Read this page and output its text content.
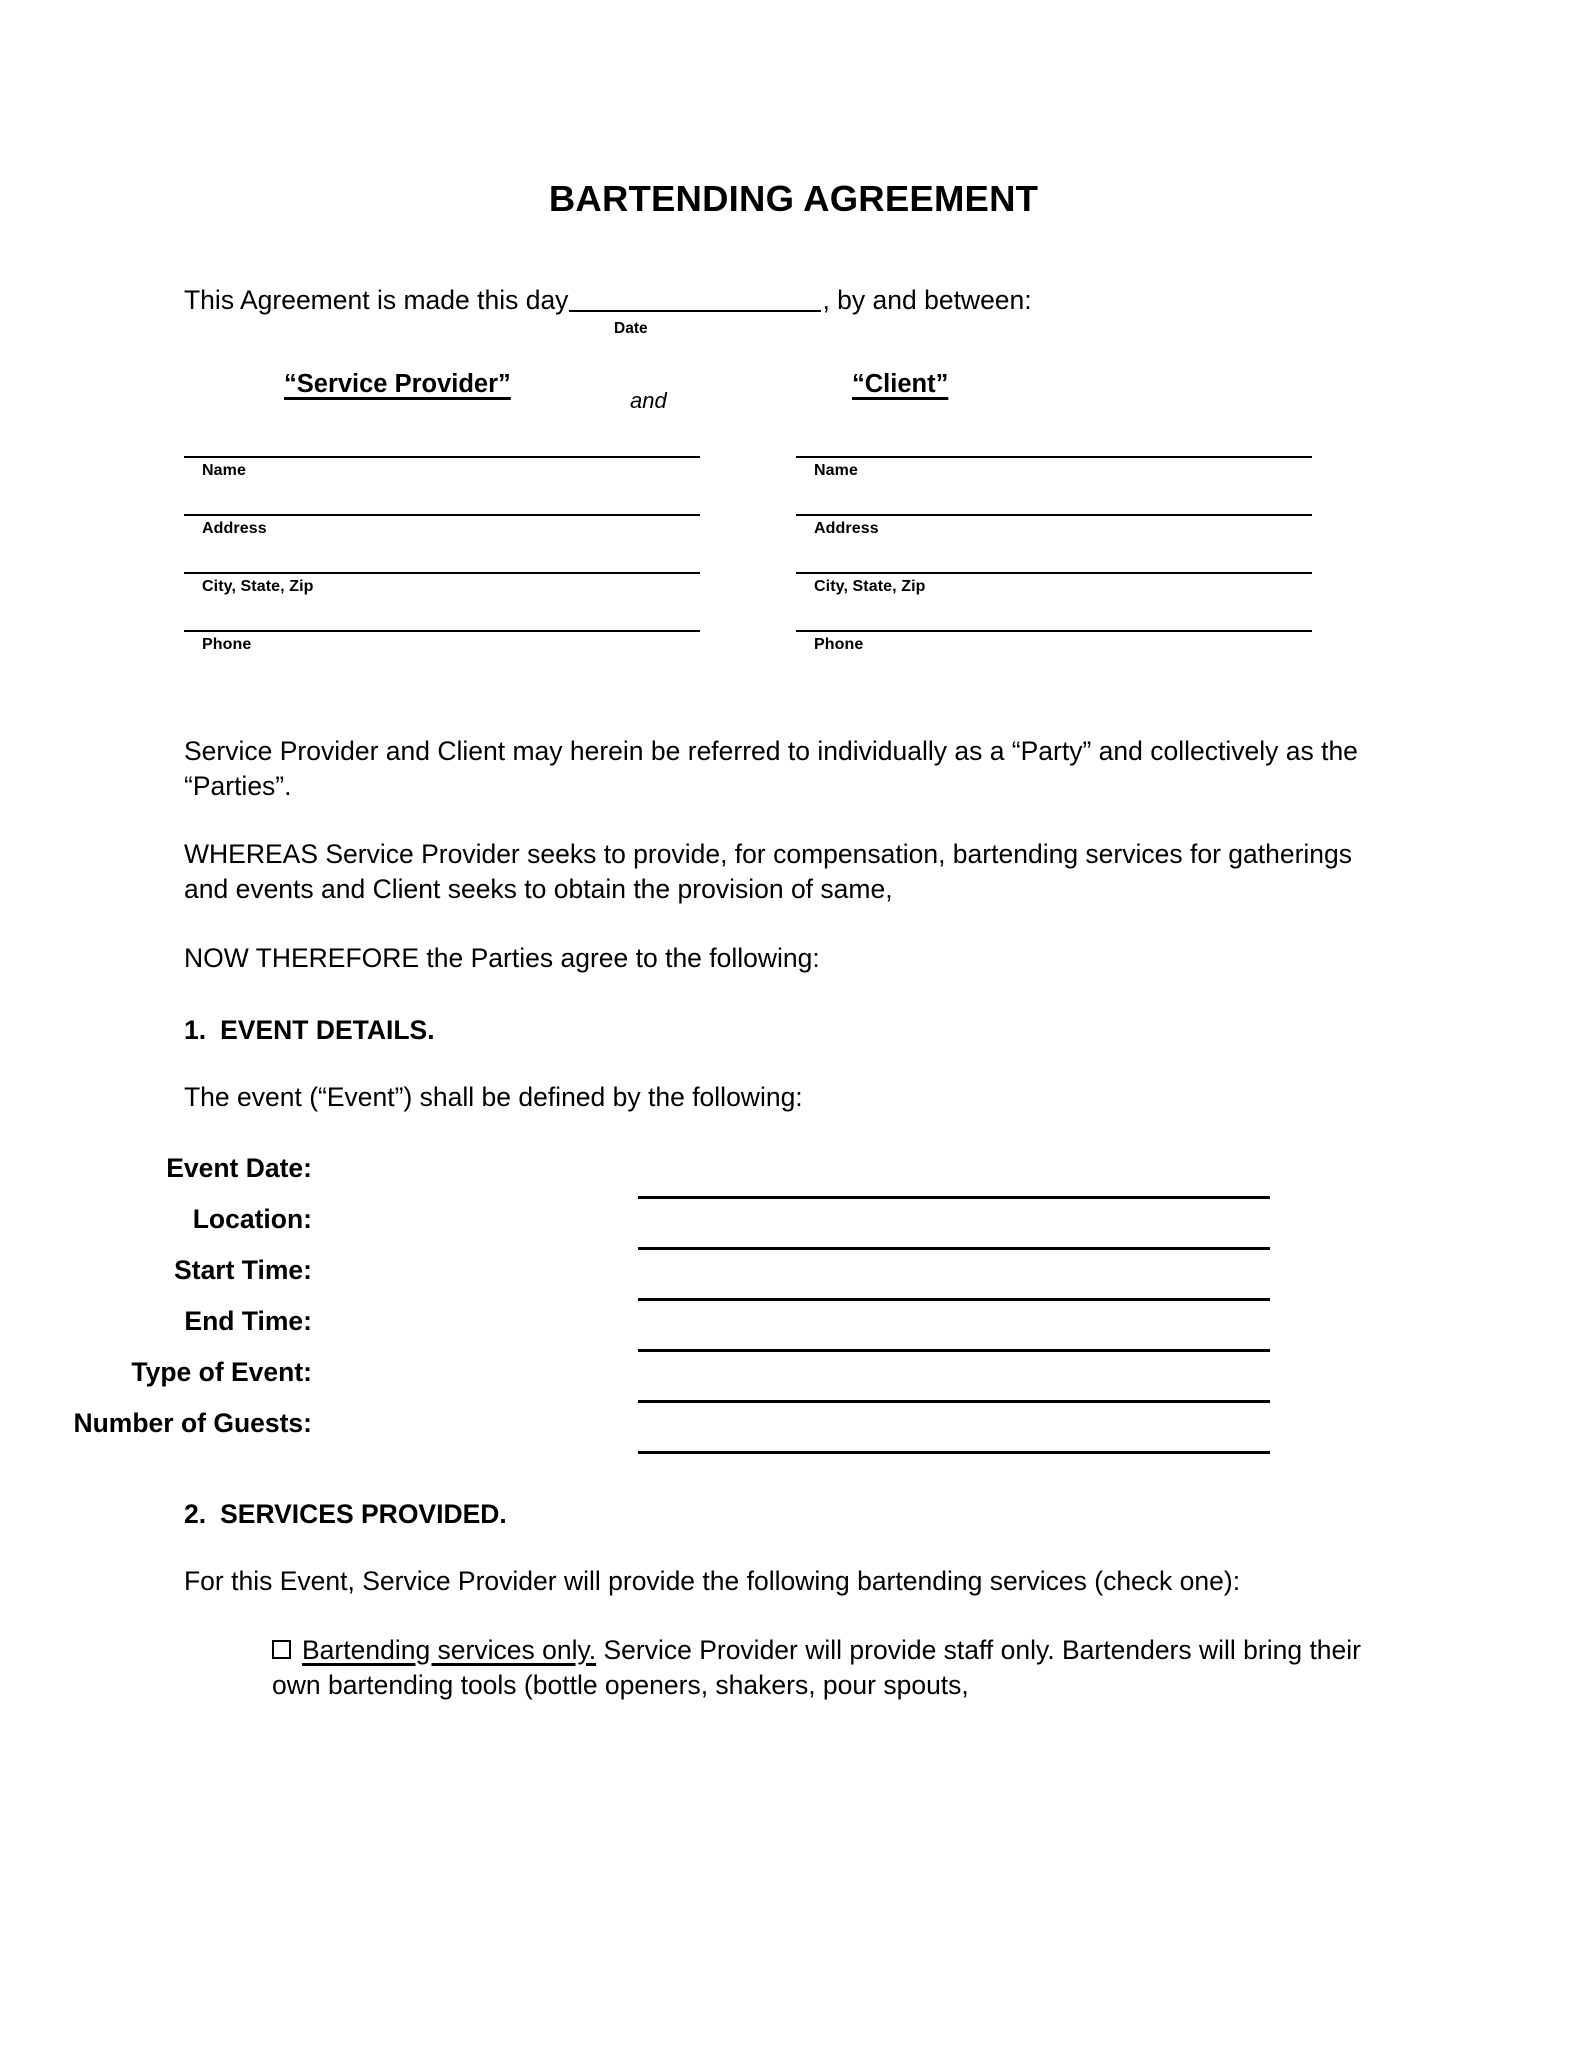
BARTENDING AGREEMENT
This Agreement is made this day	, by and between:
Date
“Service Provider”
and
“Client”
Name
Address
City, State, Zip
Phone
Name
Address
City, State, Zip
Phone

Service Provider and Client may herein be referred to individually as a “Party” and collectively as the “Parties”.

WHEREAS Service Provider seeks to provide, for compensation, bartending services for gatherings and events and Client seeks to obtain the provision of same,

NOW THEREFORE the Parties agree to the following:

1. EVENT DETAILS.

The event (“Event”) shall be defined by the following:

Event Date:
Location:
Start Time:
End Time:
Type of Event:
Number of Guests:
2. SERVICES PROVIDED.

For this Event, Service Provider will provide the following bartending services (check one):

Bartending services only. Service Provider will provide staff only. Bartenders will bring their own bartending tools (bottle openers, shakers, pour spouts,
